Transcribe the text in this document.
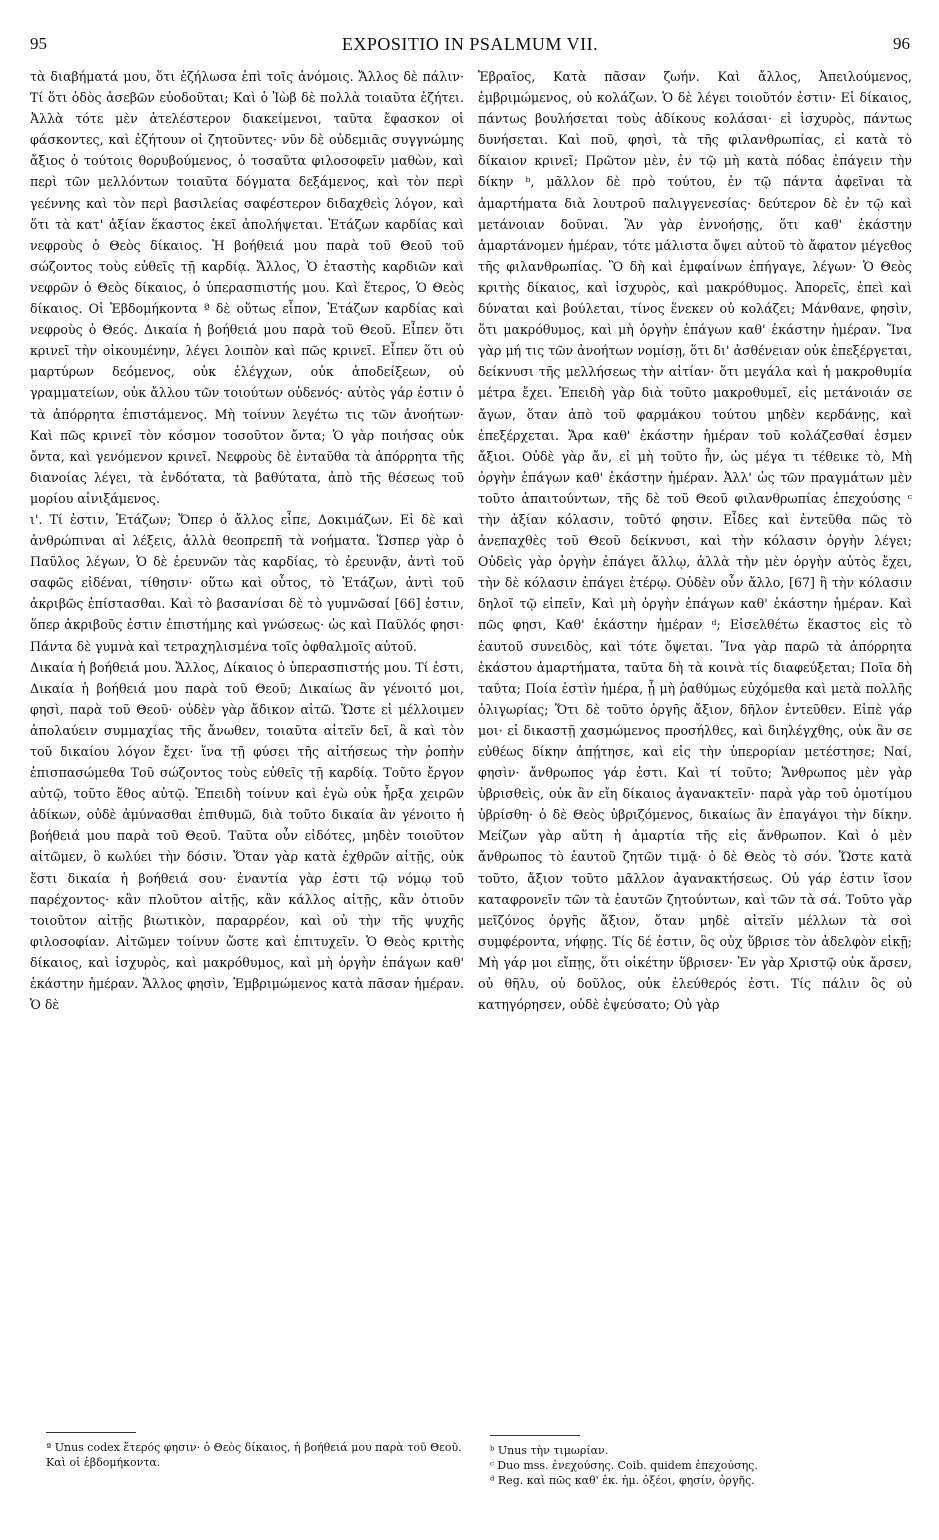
95	EXPOSITIO IN PSALMUM VII.	96

τὰ διαβήματά μου, ὅτι ἐζήλωσα ἐπὶ τοῖς ἀνόμοις. Ἄλλος δὲ πάλιν· Τί ὅτι ὁδὸς ἀσεβῶν εὐοδοῦται; Καὶ ὁ Ἰὼβ δὲ πολλὰ τοιαῦτα ἐζήτει. Ἀλλὰ τότε μὲν ἀτελέστερον διακείμενοι, ταῦτα ἔφασκον οἱ φάσκοντες, καὶ ἐζήτουν οἱ ζητοῦντες· νῦν δὲ οὐδεμιᾶς συγγνώμης ἄξιος ὁ τούτοις θορυβούμενος, ὁ τοσαῦτα φιλοσοφεῖν μαθὼν, καὶ περὶ τῶν μελλόντων τοιαῦτα δόγματα δεξάμενος, καὶ τὸν περὶ γεέννης καὶ τὸν περὶ βασιλείας σαφέστερον διδαχθεὶς λόγον, καὶ ὅτι τὰ κατ' ἀξίαν ἕκαστος ἐκεῖ ἀπολήψεται. Ἐτάζων καρδίας καὶ νεφροὺς ὁ Θεὸς δίκαιος. Ἡ βοήθειά μου παρὰ τοῦ Θεοῦ τοῦ σώζοντος τοὺς εὐθεῖς τῇ καρδίᾳ. Ἄλλος, Ὁ ἐταστὴς καρδιῶν καὶ νεφρῶν ὁ Θεὸς δίκαιος, ὁ ὑπερασπιστής μου. Καὶ ἕτερος, Ὁ Θεὸς δίκαιος. Οἱ Ἑβδομήκοντα ª δὲ οὕτως εἶπον, Ἐτάζων καρδίας καὶ νεφροὺς ὁ Θεός. Δικαία ἡ βοήθειά μου παρὰ τοῦ Θεοῦ. Εἶπεν ὅτι κρινεῖ τὴν οἰκουμένην, λέγει λοιπὸν καὶ πῶς κρινεῖ. Εἶπεν ὅτι οὐ μαρτύρων δεόμενος, οὐκ ἐλέγχων, οὐκ ἀποδείξεων, οὐ γραμματείων, οὐκ ἄλλου τῶν τοιούτων οὐδενός· αὐτὸς γάρ ἐστιν ὁ τὰ ἀπόρρητα ἐπιστάμενος. Μὴ τοίνυν λεγέτω τις τῶν ἀνοήτων· Καὶ πῶς κρινεῖ τὸν κόσμον τοσοῦτον ὄντα; Ὁ γὰρ ποιήσας οὐκ ὄντα, καὶ γενόμενον κρινεῖ. Νεφροὺς δὲ ἐνταῦθα τὰ ἀπόρρητα τῆς διανοίας λέγει, τὰ ἐνδότατα, τὰ βαθύτατα, ἀπὸ τῆς θέσεως τοῦ μορίου αἰνιξάμενος.

ι'. Τί ἐστιν, Ἐτάζων; Ὅπερ ὁ ἄλλος εἶπε, Δοκιμάζων. Εἰ δὲ καὶ ἀνθρώπιναι αἱ λέξεις, ἀλλὰ θεοπρεπῆ τὰ νοήματα. Ὥσπερ γὰρ ὁ Παῦλος λέγων, Ὁ δὲ ἐρευνῶν τὰς καρδίας, τὸ ἐρευνᾷν, ἀντὶ τοῦ σαφῶς εἰδέναι, τίθησιν· οὕτω καὶ οὗτος, τὸ Ἐτάζων, ἀντὶ τοῦ ἀκριβῶς ἐπίστασθαι. Καὶ τὸ βασανίσαι δὲ τὸ γυμνῶσαί [66] ἐστιν, ὅπερ ἀκριβοῦς ἐστιν ἐπιστήμης καὶ γνώσεως· ὡς καὶ Παῦλός φησι· Πάντα δὲ γυμνὰ καὶ τετραχηλισμένα τοῖς ὀφθαλμοῖς αὐτοῦ.

Δικαία ἡ βοήθειά μου. Ἄλλος, Δίκαιος ὁ ὑπερασπιστής μου. Τί ἐστι, Δικαία ἡ βοήθειά μου παρὰ τοῦ Θεοῦ; Δικαίως ἂν γένοιτό μοι, φησὶ, παρὰ τοῦ Θεοῦ· οὐδὲν γὰρ ἄδικον αἰτῶ. Ὥστε εἰ μέλλοιμεν ἀπολαύειν συμμαχίας τῆς ἄνωθεν, τοιαῦτα αἰτεῖν δεῖ, ἃ καὶ τὸν τοῦ δικαίου λόγον ἔχει· ἵνα τῇ φύσει τῆς αἰτήσεως τὴν ῥοπὴν ἐπισπασώμεθα Τοῦ σώζοντος τοὺς εὐθεῖς τῇ καρδίᾳ. Τοῦτο ἔργον αὐτῷ, τοῦτο ἔθος αὐτῷ. Ἐπειδὴ τοίνυν καὶ ἐγὼ οὐκ ἦρξα χειρῶν ἀδίκων, οὐδὲ ἀμύνασθαι ἐπιθυμῶ, διὰ τοῦτο δικαία ἂν γένοιτο ἡ βοήθειά μου παρὰ τοῦ Θεοῦ. Ταῦτα οὖν εἰδότες, μηδὲν τοιοῦτον αἰτῶμεν, ὃ κωλύει τὴν δόσιν. Ὅταν γὰρ κατὰ ἐχθρῶν αἰτῇς, οὐκ ἔστι δικαία ἡ βοήθειά σου· ἐναντία γὰρ ἐστι τῷ νόμῳ τοῦ παρέχοντος· κἂν πλοῦτον αἰτῇς, κἂν κάλλος αἰτῇς, κἂν ὁτιοῦν τοιοῦτον αἰτῇς βιωτικὸν, παραρρέον, καὶ οὐ τὴν τῆς ψυχῆς φιλοσοφίαν. Αἰτῶμεν τοίνυν ὥστε καὶ ἐπιτυχεῖν. Ὁ Θεὸς κριτὴς δίκαιος, καὶ ἰσχυρὸς, καὶ μακρόθυμος, καὶ μὴ ὀργὴν ἐπάγων καθ' ἑκάστην ἡμέραν. Ἄλλος φησὶν, Ἐμβριμώμενος κατὰ πᾶσαν ἡμέραν. Ὁ δὲ

Ἑβραῖος, Κατὰ πᾶσαν ζωήν. Καὶ ἄλλος, Ἀπειλούμενος, ἐμβριμώμενος, οὐ κολάζων. Ὁ δὲ λέγει τοιοῦτόν ἐστιν· Εἰ δίκαιος, πάντως βουλήσεται τοὺς ἀδίκους κολάσαι· εἰ ἰσχυρὸς, πάντως δυνήσεται. Καὶ ποῦ, φησὶ, τὰ τῆς φιλανθρωπίας, εἰ κατὰ τὸ δίκαιον κρινεῖ; Πρῶτον μὲν, ἐν τῷ μὴ κατὰ πόδας ἐπάγειν τὴν δίκην ᵇ, μᾶλλον δὲ πρὸ τούτου, ἐν τῷ πάντα ἀφεῖναι τὰ ἁμαρτήματα διὰ λουτροῦ παλιγγενεσίας· δεύτερον δὲ ἐν τῷ καὶ μετάνοιαν δοῦναι. Ἂν γὰρ ἐννοήσῃς, ὅτι καθ' ἑκάστην ἁμαρτάνομεν ἡμέραν, τότε μάλιστα ὄψει αὐτοῦ τὸ ἄφατον μέγεθος τῆς φιλανθρωπίας. Ὃ δὴ καὶ ἐμφαίνων ἐπήγαγε, λέγων· Ὁ Θεὸς κριτὴς δίκαιος, καὶ ἰσχυρὸς, καὶ μακρόθυμος. Ἀπορεῖς, ἐπεὶ καὶ δύναται καὶ βούλεται, τίνος ἕνεκεν οὐ κολάζει; Μάνθανε, φησὶν, ὅτι μακρόθυμος, καὶ μὴ ὀργὴν ἐπάγων καθ' ἑκάστην ἡμέραν. Ἵνα γὰρ μή τις τῶν ἀνοήτων νομίσῃ, ὅτι δι' ἀσθένειαν οὐκ ἐπεξέργεται, δείκνυσι τῆς μελλήσεως τὴν αἰτίαν· ὅτι μεγάλα καὶ ἡ μακροθυμία μέτρα ἔχει. Ἐπειδὴ γὰρ διὰ τοῦτο μακροθυμεῖ, εἰς μετάνοιάν σε ἄγων, ὅταν ἀπὸ τοῦ φαρμάκου τούτου μηδὲν κερδάνῃς, καὶ ἐπεξέρχεται. Ἄρα καθ' ἑκάστην ἡμέραν τοῦ κολάζεσθαί ἐσμεν ἄξιοι. Οὐδὲ γὰρ ἄν, εἰ μὴ τοῦτο ἦν, ὡς μέγα τι τέθεικε τὸ, Μὴ ὀργὴν ἐπάγων καθ' ἑκάστην ἡμέραν. Ἀλλ' ὡς τῶν πραγμάτων μὲν τοῦτο ἀπαιτούντων, τῆς δὲ τοῦ Θεοῦ φιλανθρωπίας ἐπεχούσης ᶜ τὴν ἀξίαν κόλασιν, τοῦτό φησιν. Εἶδες καὶ ἐντεῦθα πῶς τὸ ἀνεπαχθὲς τοῦ Θεοῦ δείκνυσι, καὶ τὴν κόλασιν ὀργὴν λέγει; Οὐδεὶς γὰρ ὀργὴν ἐπάγει ἄλλῳ, ἀλλὰ τὴν μὲν ὀργὴν αὐτὸς ἔχει, τὴν δὲ κόλασιν ἐπάγει ἑτέρῳ. Οὐδὲν οὖν ἄλλο, [67] ἢ τὴν κόλασιν δηλοῖ τῷ εἰπεῖν, Καὶ μὴ ὀργὴν ἐπάγων καθ' ἑκάστην ἡμέραν. Καὶ πῶς φησι, Καθ' ἑκάστην ἡμέραν ᵈ; Εἰσελθέτω ἕκαστος εἰς τὸ ἑαυτοῦ συνειδὸς, καὶ τότε ὄψεται. Ἵνα γὰρ παρῶ τὰ ἀπόρρητα ἑκάστου ἁμαρτήματα, ταῦτα δὴ τὰ κοινὰ τίς διαφεύξεται; Ποῖα δὴ ταῦτα; Ποία ἐστὶν ἡμέρα, ᾗ μὴ ῥαθύμως εὐχόμεθα καὶ μετὰ πολλῆς ὀλιγωρίας; Ὅτι δὲ τοῦτο ὀργῆς ἄξιον, δῆλον ἐντεῦθεν. Εἰπὲ γάρ μοι· εἰ δικαστῇ χασμώμενος προσήλθες, καὶ διηλέγχθης, οὐκ ἂν σε εὐθέως δίκην ἀπῄτησε, καὶ εἰς τὴν ὑπερορίαν μετέστησε; Ναί, φησὶν· ἄνθρωπος γάρ ἐστι. Καὶ τί τοῦτο; Ἄνθρωπος μὲν γὰρ ὑβρισθεὶς, οὐκ ἂν εἴη δίκαιος ἀγανακτεῖν· παρὰ γὰρ τοῦ ὁμοτίμου ὑβρίσθη· ὁ δὲ Θεὸς ὑβριζόμενος, δικαίως ἂν ἐπαγάγοι τὴν δίκην. Μείζων γὰρ αὕτη ἡ ἁμαρτία τῆς εἰς ἄνθρωπον. Καὶ ὁ μὲν ἄνθρωπος τὸ ἑαυτοῦ ζητῶν τιμᾷ· ὁ δὲ Θεὸς τὸ σόν. Ὥστε κατὰ τοῦτο, ἄξιον τοῦτο μᾶλλον ἀγανακτήσεως. Οὐ γάρ ἐστιν ἴσον καταφρονεῖν τῶν τὰ ἑαυτῶν ζητούντων, καὶ τῶν τὰ σά. Τοῦτο γὰρ μεῖζόνος ὀργῆς ἄξιον, ὅταν μηδὲ αἰτεῖν μέλλων τὰ σοὶ συμφέροντα, νήφῃς. Τίς δέ ἐστιν, ὃς οὐχ ὕβρισε τὸν ἀδελφὸν εἰκῇ; Μὴ γάρ μοι εἴπῃς, ὅτι οἰκέτην ὕβρισεν· Ἐν γὰρ Χριστῷ οὐκ ἄρσεν, οὐ θῆλυ, οὐ δοῦλος, οὐκ ἐλεύθερός ἐστι. Τίς πάλιν ὃς οὐ κατηγόρησεν, οὐδὲ ἐψεύσατο; Οὐ γὰρ

ª Unus codex ἕτερός φησιν· ὁ Θεὸς δίκαιος, ἡ βοήθειά μου παρὰ τοῦ Θεοῦ. Καὶ οἱ ἑβδομήκοντα.

ᵇ Unus τὴν τιμωρίαν.

ᶜ Duo mss. ἐνεχούσης. Coib. quidem ἐπεχούσης.

ᵈ Reg. καὶ πῶς καθ' ἑκ. ἡμ. ὀξέοι, φησίν, ὀργῆς.
